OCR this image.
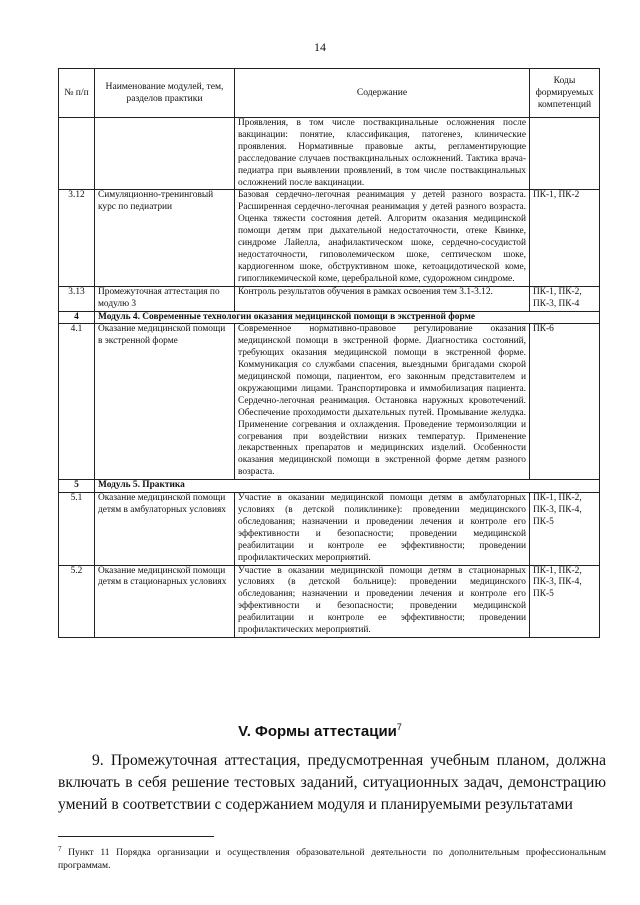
14
№ п/п	Наименование модулей, тем, разделов практики	Содержание	Коды формируемых компетенций
		Проявления, в том числе поствакцинальные осложнения после вакцинации: понятие, классификация, патогенез, клинические проявления. Нормативные правовые акты, регламентирующие расследование случаев поствакцинальных осложнений. Тактика врача-педиатра при выявлении проявлений, в том числе поствакцинальных осложнений после вакцинации.	
3.12	Симуляционно-тренинговый курс по педиатрии	Базовая сердечно-легочная реанимация у детей разного возраста. Расширенная сердечно-легочная реанимация у детей разного возраста. Оценка тяжести состояния детей. Алгоритм оказания медицинской помощи детям при дыхательной недостаточности, отеке Квинке, синдроме Лайелла, анафилактическом шоке, сердечно-сосудистой недостаточности, гиповолемическом шоке, септическом шоке, кардиогенном шоке, обструктивном шоке, кетоацидотической коме, гипогликемической коме, церебральной коме, судорожном синдроме.	ПК-1, ПК-2
3.13	Промежуточная аттестация по модулю 3	Контроль результатов обучения в рамках освоения тем 3.1-3.12.	ПК-1, ПК-2, ПК-3, ПК-4
4	Модуль 4. Современные технологии оказания медицинской помощи в экстренной форме		
4.1	Оказание медицинской помощи в экстренной форме	Современное нормативно-правовое регулирование оказания медицинской помощи в экстренной форме. Диагностика состояний, требующих оказания медицинской помощи в экстренной форме. Коммуникация со службами спасения, выездными бригадами скорой медицинской помощи, пациентом, его законным представителем и окружающими лицами. Транспортировка и иммобилизация пациента. Сердечно-легочная реанимация. Остановка наружных кровотечений. Обеспечение проходимости дыхательных путей. Промывание желудка. Применение согревания и охлаждения. Проведение термоизоляции и согревания при воздействии низких температур. Применение лекарственных препаратов и медицинских изделий. Особенности оказания медицинской помощи в экстренной форме детям разного возраста.	ПК-6
5	Модуль 5. Практика		
5.1	Оказание медицинской помощи детям в амбулаторных условиях	Участие в оказании медицинской помощи детям в амбулаторных условиях (в детской поликлинике): проведении медицинского обследования; назначении и проведении лечения и контроле его эффективности и безопасности; проведении медицинской реабилитации и контроле ее эффективности; проведении профилактических мероприятий.	ПК-1, ПК-2, ПК-3, ПК-4, ПК-5
5.2	Оказание медицинской помощи детям в стационарных условиях	Участие в оказании медицинской помощи детям в стационарных условиях (в детской больнице): проведении медицинского обследования; назначении и проведении лечения и контроле его эффективности и безопасности; проведении медицинской реабилитации и контроле ее эффективности; проведении профилактических мероприятий.	ПК-1, ПК-2, ПК-3, ПК-4, ПК-5
V. Формы аттестации$^7$

9. Промежуточная аттестация, предусмотренная учебным планом, должна включать в себя решение тестовых заданий, ситуационных задач, демонстрацию умений в соответствии с содержанием модуля и планируемыми результатами

$^7$ Пункт 11 Порядка организации и осуществления образовательной деятельности по дополнительным профессиональным программам.
